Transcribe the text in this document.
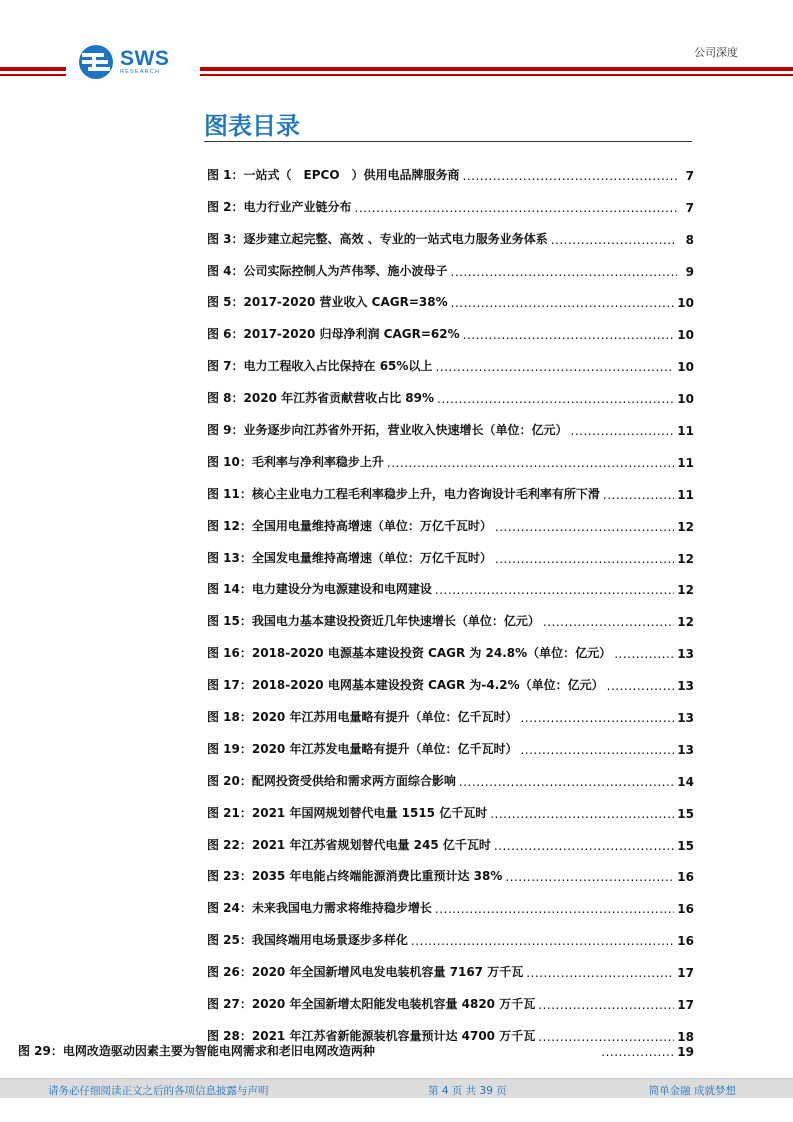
SWS
RESEARCH
公司深度
图表目录
图 1：一站式（　EPCO　）供用电品牌服务商 .....	7
图 2：电力行业产业链分布 .....	7
图 3：逐步建立起完整、高效 、专业的一站式电力服务业务体系 .....	8
图 4：公司实际控制人为芦伟琴、施小波母子 .....	9
图 5：2017-2020 营业收入 CAGR=38% .....	10
图 6：2017-2020 归母净利润 CAGR=62% .....	10
图 7：电力工程收入占比保持在 65%以上 .....	10
图 8：2020 年江苏省贡献营收占比 89% .....	10
图 9：业务逐步向江苏省外开拓，营业收入快速增长（单位：亿元） .....	11
图 10：毛利率与净利率稳步上升 .....	11
图 11：核心主业电力工程毛利率稳步上升，电力咨询设计毛利率有所下滑 .....	11
图 12：全国用电量维持高增速（单位：万亿千瓦时） .....	12
图 13：全国发电量维持高增速（单位：万亿千瓦时） .....	12
图 14：电力建设分为电源建设和电网建设 .....	12
图 15：我国电力基本建设投资近几年快速增长（单位：亿元） .....	12
图 16：2018-2020 电源基本建设投资 CAGR 为 24.8%（单位：亿元） .....	13
图 17：2018-2020 电网基本建设投资 CAGR 为-4.2%（单位：亿元） .....	13
图 18：2020 年江苏用电量略有提升（单位：亿千瓦时） .....	13
图 19：2020 年江苏发电量略有提升（单位：亿千瓦时） .....	13
图 20：配网投资受供给和需求两方面综合影响 .....	14
图 21：2021 年国网规划替代电量 1515 亿千瓦时 .....	15
图 22：2021 年江苏省规划替代电量 245 亿千瓦时 .....	15
图 23：2035 年电能占终端能源消费比重预计达 38% .....	16
图 24：未来我国电力需求将维持稳步增长 .....	16
图 25：我国终端用电场景逐步多样化 .....	16
图 26：2020 年全国新增风电发电装机容量 7167 万千瓦 .....	17
图 27：2020 年全国新增太阳能发电装机容量 4820 万千瓦 .....	17
图 28：2021 年江苏省新能源装机容量预计达 4700 万千瓦 .....	18
图 29：电网改造驱动因素主要为智能电网需求和老旧电网改造两种 .....	19
请务必仔细阅读正文之后的各项信息披露与声明	第 4 页 共 39 页	简单金融 成就梦想
